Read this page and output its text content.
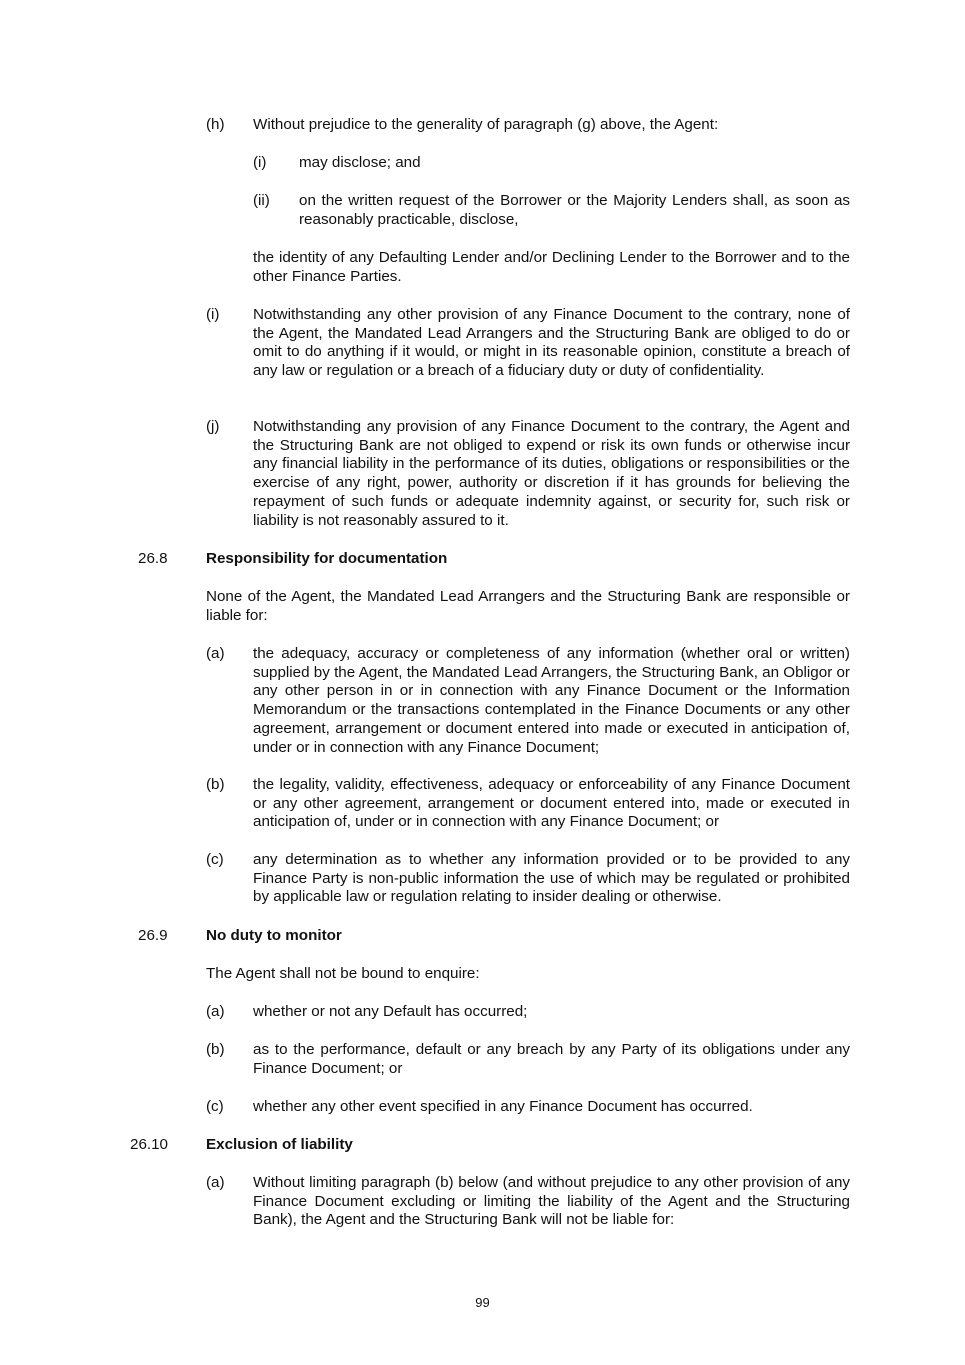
(h) Without prejudice to the generality of paragraph (g) above, the Agent:

(i) may disclose; and

(ii) on the written request of the Borrower or the Majority Lenders shall, as soon as reasonably practicable, disclose,

the identity of any Defaulting Lender and/or Declining Lender to the Borrower and to the other Finance Parties.

(i) Notwithstanding any other provision of any Finance Document to the contrary, none of the Agent, the Mandated Lead Arrangers and the Structuring Bank are obliged to do or omit to do anything if it would, or might in its reasonable opinion, constitute a breach of any law or regulation or a breach of a fiduciary duty or duty of confidentiality.

(j) Notwithstanding any provision of any Finance Document to the contrary, the Agent and the Structuring Bank are not obliged to expend or risk its own funds or otherwise incur any financial liability in the performance of its duties, obligations or responsibilities or the exercise of any right, power, authority or discretion if it has grounds for believing the repayment of such funds or adequate indemnity against, or security for, such risk or liability is not reasonably assured to it.

26.8	Responsibility for documentation

None of the Agent, the Mandated Lead Arrangers and the Structuring Bank are responsible or liable for:

(a) the adequacy, accuracy or completeness of any information (whether oral or written) supplied by the Agent, the Mandated Lead Arrangers, the Structuring Bank, an Obligor or any other person in or in connection with any Finance Document or the Information Memorandum or the transactions contemplated in the Finance Documents or any other agreement, arrangement or document entered into made or executed in anticipation of, under or in connection with any Finance Document;

(b) the legality, validity, effectiveness, adequacy or enforceability of any Finance Document or any other agreement, arrangement or document entered into, made or executed in anticipation of, under or in connection with any Finance Document; or

(c) any determination as to whether any information provided or to be provided to any Finance Party is non-public information the use of which may be regulated or prohibited by applicable law or regulation relating to insider dealing or otherwise.

26.9	No duty to monitor

The Agent shall not be bound to enquire:

(a) whether or not any Default has occurred;

(b) as to the performance, default or any breach by any Party of its obligations under any Finance Document; or

(c) whether any other event specified in any Finance Document has occurred.

26.10 Exclusion of liability

(a) Without limiting paragraph (b) below (and without prejudice to any other provision of any Finance Document excluding or limiting the liability of the Agent and the Structuring Bank), the Agent and the Structuring Bank will not be liable for:

99
